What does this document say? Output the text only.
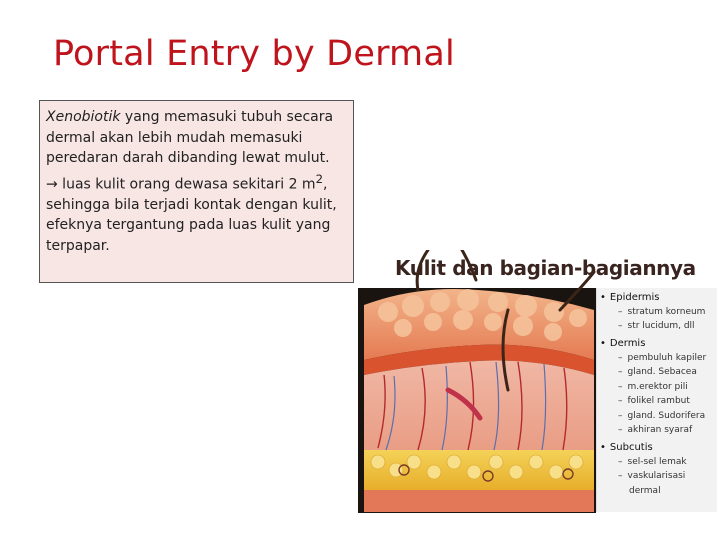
Portal Entry by Dermal

Xenobiotik yang memasuki tubuh secara dermal akan lebih mudah memasuki peredaran darah dibanding lewat mulut.

→ luas kulit orang dewasa sekitari 2 $m^2$, sehingga bila terjadi kontak dengan kulit, efeknya tergantung pada luas kulit yang terpapar.

Kulit dan bagian-bagiannya
• Epidermis
– stratum korneum
– str lucidum, dll
• Dermis
– pembuluh kapiler
– gland. Sebacea
– m.erektor pili
– folikel rambut
– gland. Sudorifera
– akhiran syaraf
• Subcutis
– sel-sel lemak
– vaskularisasi
dermal
